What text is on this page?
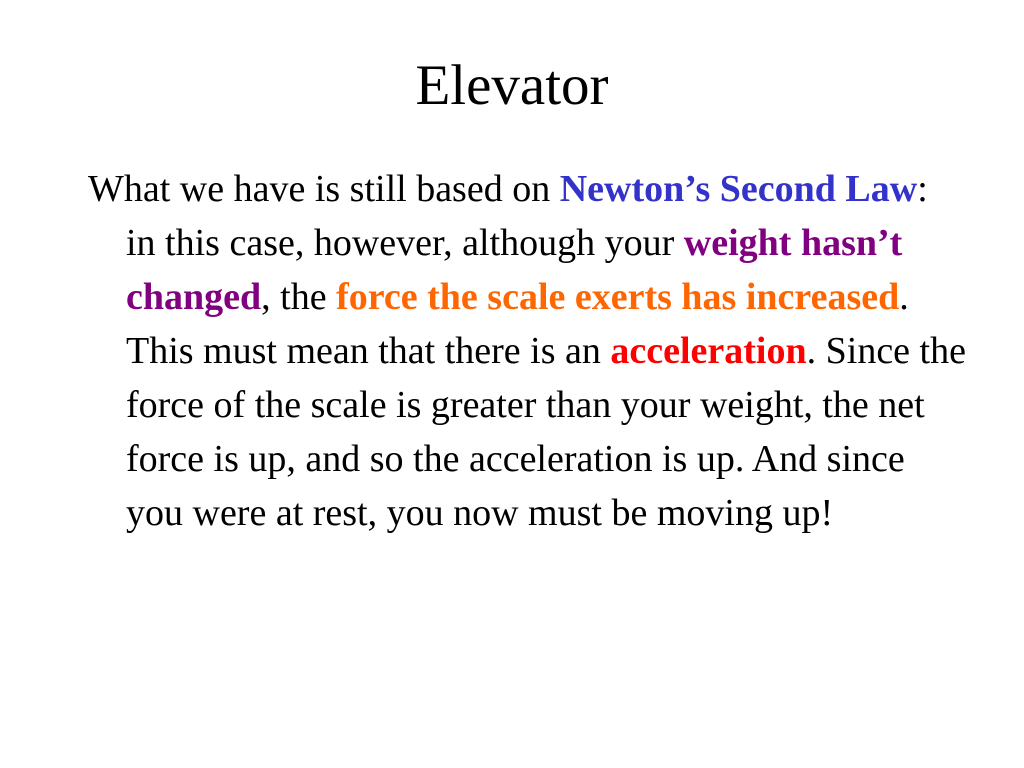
Elevator

What we have is still based on Newton’s Second Law: in this case, however, although your weight hasn’t changed, the force the scale exerts has increased. This must mean that there is an acceleration. Since the force of the scale is greater than your weight, the net force is up, and so the acceleration is up. And since you were at rest, you now must be moving up!
